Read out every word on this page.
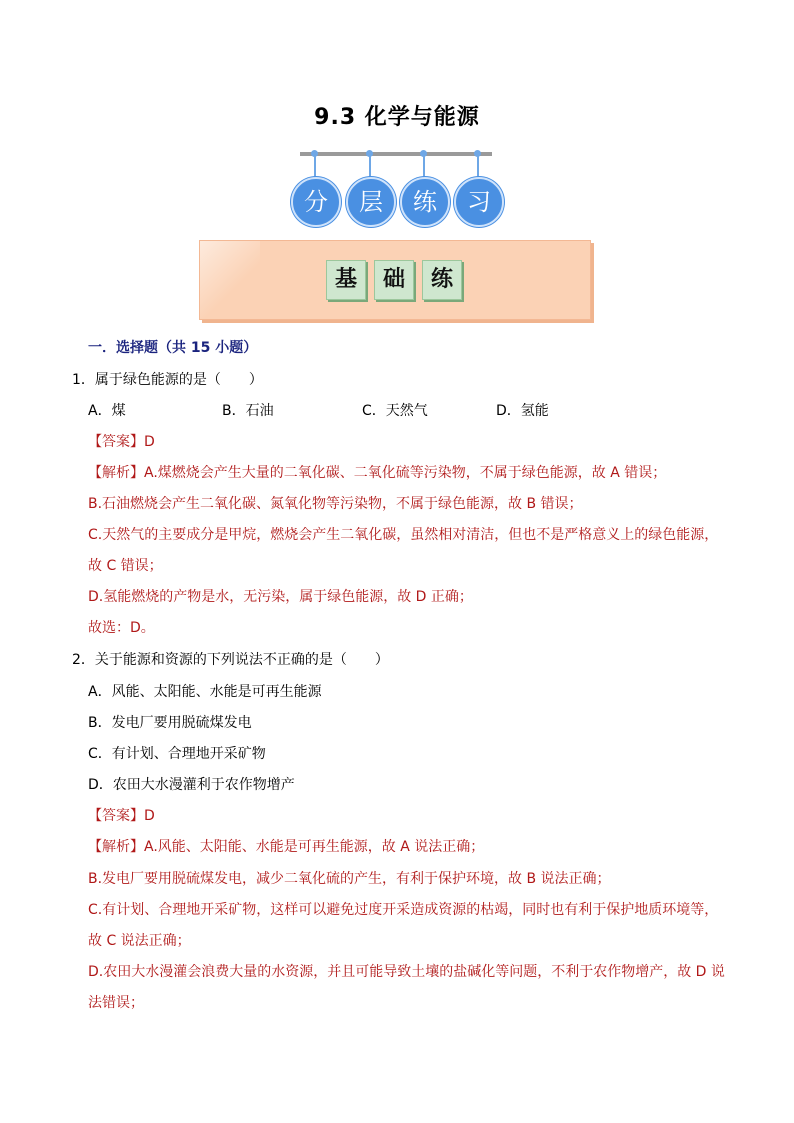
9.3 化学与能源
分	层	练	习
基	础	练
一．选择题（共 15 小题）
1．属于绿色能源的是（　　）
A．煤	B．石油	C．天然气	D．氢能
【答案】D
【解析】A.煤燃烧会产生大量的二氧化碳、二氧化硫等污染物，不属于绿色能源，故 A 错误；
B.石油燃烧会产生二氧化碳、氮氧化物等污染物，不属于绿色能源，故 B 错误；
C.天然气的主要成分是甲烷，燃烧会产生二氧化碳，虽然相对清洁，但也不是严格意义上的绿色能源，
故 C 错误；
D.氢能燃烧的产物是水，无污染，属于绿色能源，故 D 正确；
故选：D。
2．关于能源和资源的下列说法不正确的是（　　）
A．风能、太阳能、水能是可再生能源
B．发电厂要用脱硫煤发电
C．有计划、合理地开采矿物
D．农田大水漫灌利于农作物增产
【答案】D
【解析】A.风能、太阳能、水能是可再生能源，故 A 说法正确；
B.发电厂要用脱硫煤发电，减少二氧化硫的产生，有利于保护环境，故 B 说法正确；
C.有计划、合理地开采矿物，这样可以避免过度开采造成资源的枯竭，同时也有利于保护地质环境等，
故 C 说法正确；
D.农田大水漫灌会浪费大量的水资源，并且可能导致土壤的盐碱化等问题，不利于农作物增产，故 D 说
法错误；
